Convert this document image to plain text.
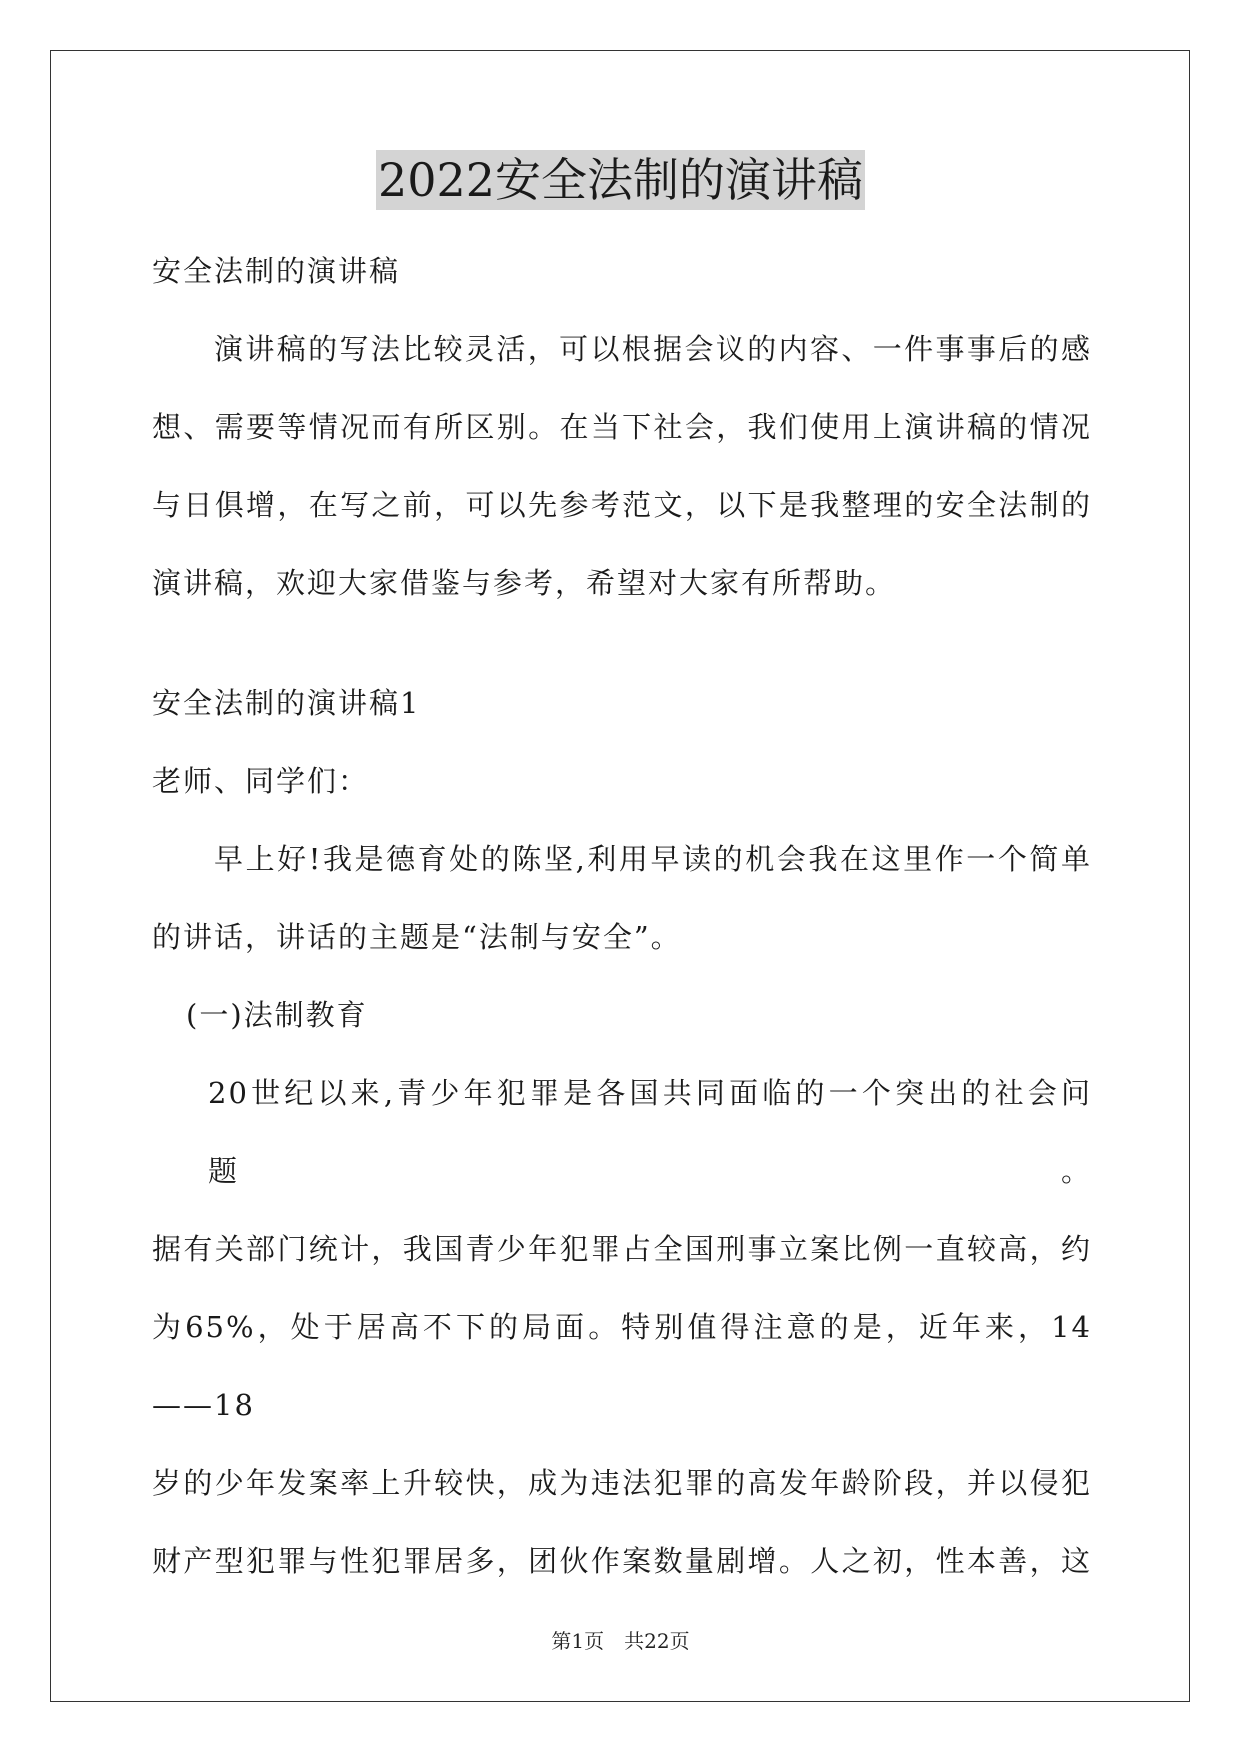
2022安全法制的演讲稿

安全法制的演讲稿

演讲稿的写法比较灵活，可以根据会议的内容、一件事事后的感

想、需要等情况而有所区别。在当下社会，我们使用上演讲稿的情况

与日俱增，在写之前，可以先参考范文，以下是我整理的安全法制的

演讲稿，欢迎大家借鉴与参考，希望对大家有所帮助。

安全法制的演讲稿1

老师、同学们：

早上好!我是德育处的陈坚,利用早读的机会我在这里作一个简单

的讲话，讲话的主题是“法制与安全”。

(一)法制教育

20世纪以来,青少年犯罪是各国共同面临的一个突出的社会问题。

据有关部门统计，我国青少年犯罪占全国刑事立案比例一直较高，约

为65%，处于居高不下的局面。特别值得注意的是，近年来，14——18

岁的少年发案率上升较快，成为违法犯罪的高发年龄阶段，并以侵犯

财产型犯罪与性犯罪居多，团伙作案数量剧增。人之初，性本善，这

第1页 共22页
